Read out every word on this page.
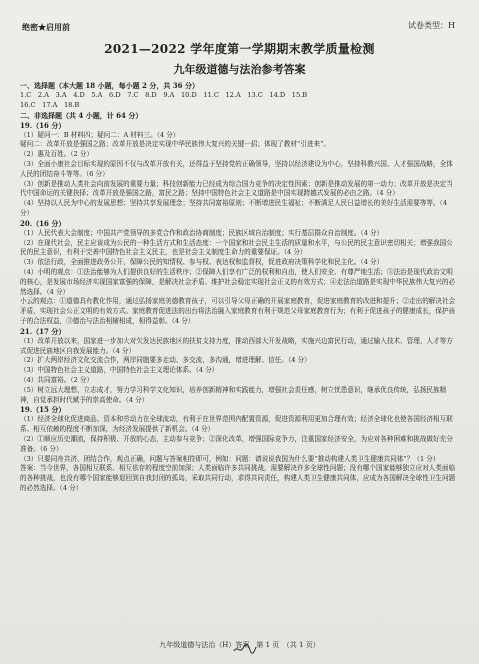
绝密★启用前	试卷类型：H
2021—2022 学年度第一学期期末教学质量检测
九年级道德与法治参考答案

一、选择题（本大题 18 小题，每小题 2 分，共 36 分）

1.C　2.A　3.A　4.D　5.A　6.D　7.C　8.D　9.A　10.D　11.C　12.A　13.C　14.D　15.B

16.C　17.A　18.B

二、非选择题（共 4 小题，计 64 分）

19.（16 分）

（1）疑问一：B 材料四；疑问二：A 材料三。（4 分）

疑问二：改革开放是强国之路；改革开放是决定实现中华民族伟大复兴的关键一招；体现了教材“引进来”。

（2）惠及百姓。（2 分）

（3）全面小康社会目标实现的原因不仅与改革开放有关，还得益于坚持党的正确领导，坚持以经济建设为中心，坚持科教兴国、人才强国战略，全体人民的团结奋斗等等。（6 分）

（3）创新是推动人类社会向前发展的重要力量；科技创新能力已经成为综合国力竞争的决定性因素；创新是推动发展的第一动力；改革开放是决定当代中国命运的关键抉择；改革开放是强国之路，富民之路；坚持中国特色社会主义道路是中国实现跨越式发展的必由之路。（4 分）

（4）坚持以人民为中心的发展思想；坚持共享发展理念；坚持共同富裕原则；不断增进民生福祉；不断满足人民日益增长的美好生活需要等等。（4 分）

20.（16 分）

（1）人民代表大会制度；中国共产党领导的多党合作和政治协商制度；民族区域自治制度；实行基层群众自治制度。（4 分）

（2）在现代社会，民主应该成为公民的一种生活方式和生活态度：一个国家和社会民主生活的质量和水平，与公民的民主意识密切相关；增强我国公民的民主意识，有利于完善中国特色社会主义民主，也是社会主义制度生命力的重要保证。（4 分）

（3）依法行政，全面推进政务公开，保障公民的知情权、参与权、表达权和监督权，促进政府决策科学化和民主化。（4 分）

（4）小明的观点：①法治能够为人们提供良好的生活秩序；②保障人们享有广泛的权利和自由，使人们安全、有尊严地生活；③法治是现代政治文明的核心，是发展市场经济实现国家富强的保障，是解决社会矛盾、维护社会稳定实现社会正义的有效方式；④走法治道路是实现中华民族伟大复兴的必然选择。（4 分）

小云的观点：①道德具有教化作用，通过弘扬家庭美德教育孩子，可以引导父母正确的开展家庭教育，促进家庭教育的改进和提升；②走出的解决社会矛盾，实现社会公正文明的有效方式。家庭教育促进法的出台将法治融入家庭教育有利于规范父母家庭教育行为；有利于促进孩子的健康成长，保护孩子的合法权益，③德治与法治相辅相成，相得益彰。（4 分）

21.（17 分）

（1）改革开放以来，国家进一步加大对欠发达民族地区的扶贫支持力度，推动西部大开发战略，实施兴边富民行动，通过输入技术、管理、人才等方式促进民族地区自我发展能力。（4 分）

（2）扩大两岸经济文化交流合作，两岸同胞要多走动、多交流、多沟通，增进理解、信任。（4 分）

（3）中国特色社会主义道路，中国特色社会主义理论体系。（4 分）

（4）共同富裕。（2 分）

（5）树立远大理想，立志成才，努力学习科学文化知识，培养创新精神和实践能力，增强社会责任感，树立忧患意识，继承优良传统，弘扬民族精神，自觉承担时代赋予的崇高使命。（4 分）

19.（15 分）

（1）经济全球化促进商品、资本和劳动力在全球流动，有利于在世界范围内配置资源，促进资源利用更加合理有效；经济全球化也使各国经济相互联系、相互依赖的程度不断加深，为经济发展提供了新机会。（4 分）

（2）①顺应历史潮流，保持积极、开放的心态，主动参与竞争；②深化改革，增强国际竞争力，注重国家经济安全，为应对各种困难和挑战做好充分准备。（6 分）

（3）只要同舟共济，团结合作，观点正确，问题与答案相符即可，例如：问题：请说说我国为什么要“推动构建人类卫生健康共同体”？（1 分）

答案：当今世界，各国相互联系、相互依存的程度空前加深；人类面临许多共同挑战，需要解决许多全球性问题；没有哪个国家能够独立应对人类面临的各种挑战，也没有哪个国家能够退回到自我封闭的孤岛，采取共同行动，求得共同责任，构建人类卫生健康共同体，应成为各国解决全球性卫生问题的必然选择。（4 分）

九年级道德与法治（H）答案　第 1 页　（共 1 页）
